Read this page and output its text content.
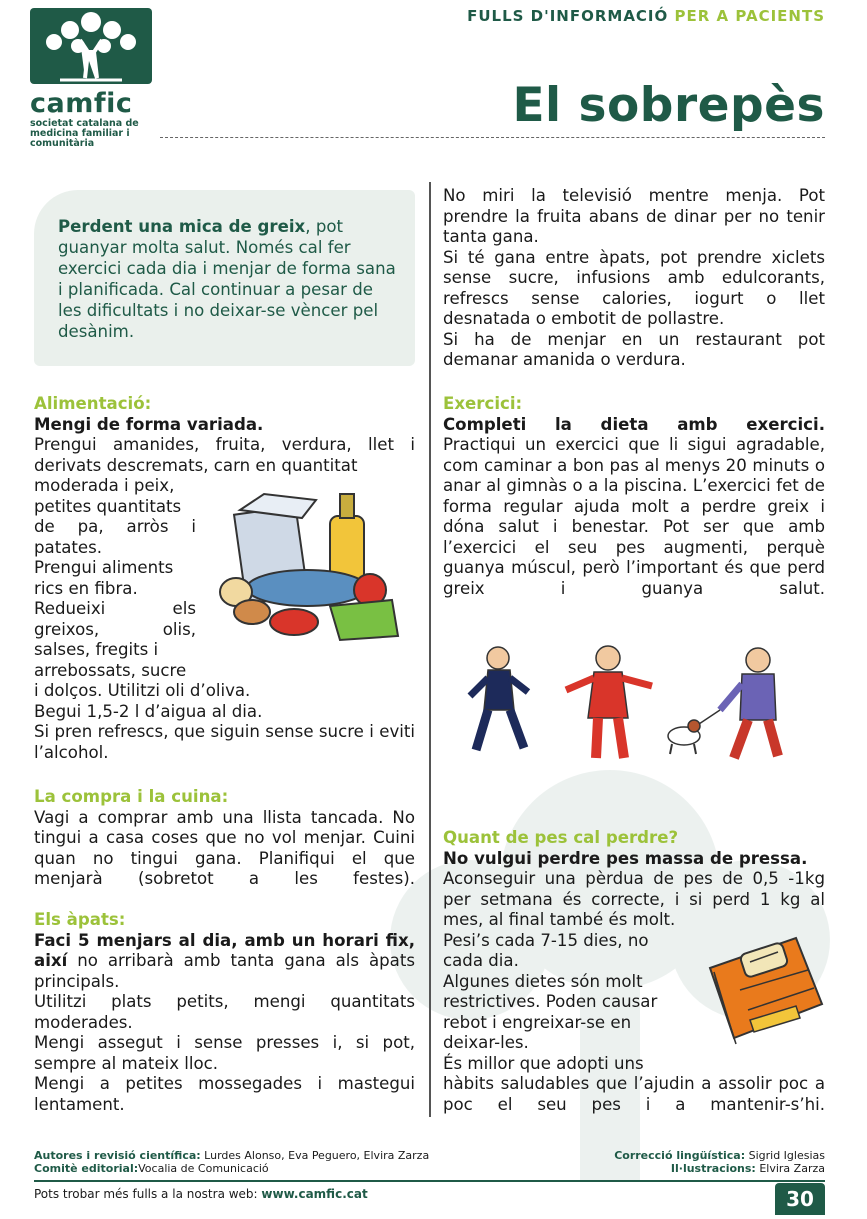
camfic
societat catalana de
medicina familiar i
comunitària
FULLS D'INFORMACIÓ PER A PACIENTS
El sobrepès
Perdent una mica de greix, pot guanyar molta salut. Només cal fer exercici cada dia i menjar de forma sana i planificada. Cal continuar a pesar de les dificultats i no deixar-se vèncer pel desànim.
Alimentació:
Mengi de forma variada.
Prengui amanides, fruita, verdura, llet i derivats descremats, carn en quantitat
moderada i peix,
petites quantitats
de pa, arròs i
patates.
Prengui aliments
rics en fibra.
Redueixi els
greixos, olis,
salses, fregits i
arrebossats, sucre
i dolços. Utilitzi oli d’oliva.
Begui 1,5-2 l d’aigua al dia.
Si pren refrescs, que siguin sense sucre i eviti l’alcohol.
La compra i la cuina:
Vagi a comprar amb una llista tancada. No tingui a casa coses que no vol menjar. Cuini quan no tingui gana. Planifiqui el que menjarà (sobretot a les festes).
Els àpats:
Faci 5 menjars al dia, amb un horari fix, així no arribarà amb tanta gana als àpats principals.
Utilitzi plats petits, mengi quantitats moderades.
Mengi assegut i sense presses i, si pot, sempre al mateix lloc.
Mengi a petites mossegades i mastegui lentament.
No miri la televisió mentre menja. Pot prendre la fruita abans de dinar per no tenir tanta gana.
Si té gana entre àpats, pot prendre xiclets sense sucre, infusions amb edulcorants, refrescs sense calories, iogurt o llet desnatada o embotit de pollastre.
Si ha de menjar en un restaurant pot demanar amanida o verdura.
Exercici:
Completi la dieta amb exercici.
Practiqui un exercici que li sigui agradable, com caminar a bon pas al menys 20 minuts o anar al gimnàs o a la piscina. L’exercici fet de forma regular ajuda molt a perdre greix i dóna salut i benestar. Pot ser que amb l’exercici el seu pes augmenti, perquè guanya múscul, però l’important és que perd greix i guanya salut.
Quant de pes cal perdre?
No vulgui perdre pes massa de pressa.
Aconseguir una pèrdua de pes de 0,5 -1kg per setmana és correcte, i si perd 1 kg al mes, al final també és molt.
Pesi’s cada 7-15 dies, no
cada dia.
Algunes dietes són molt
restrictives. Poden causar
rebot i engreixar-se en
deixar-les.
És millor que adopti uns
hàbits saludables que l’ajudin a assolir poc a poc el seu pes i a mantenir-s’hi.
Autores i revisió científica: Lurdes Alonso, Eva Peguero, Elvira Zarza
Comitè editorial:Vocalia de Comunicació
Correcció lingüística: Sigrid Iglesias
Il·lustracions: Elvira Zarza
Pots trobar més fulls a la nostra web: www.camfic.cat	30
